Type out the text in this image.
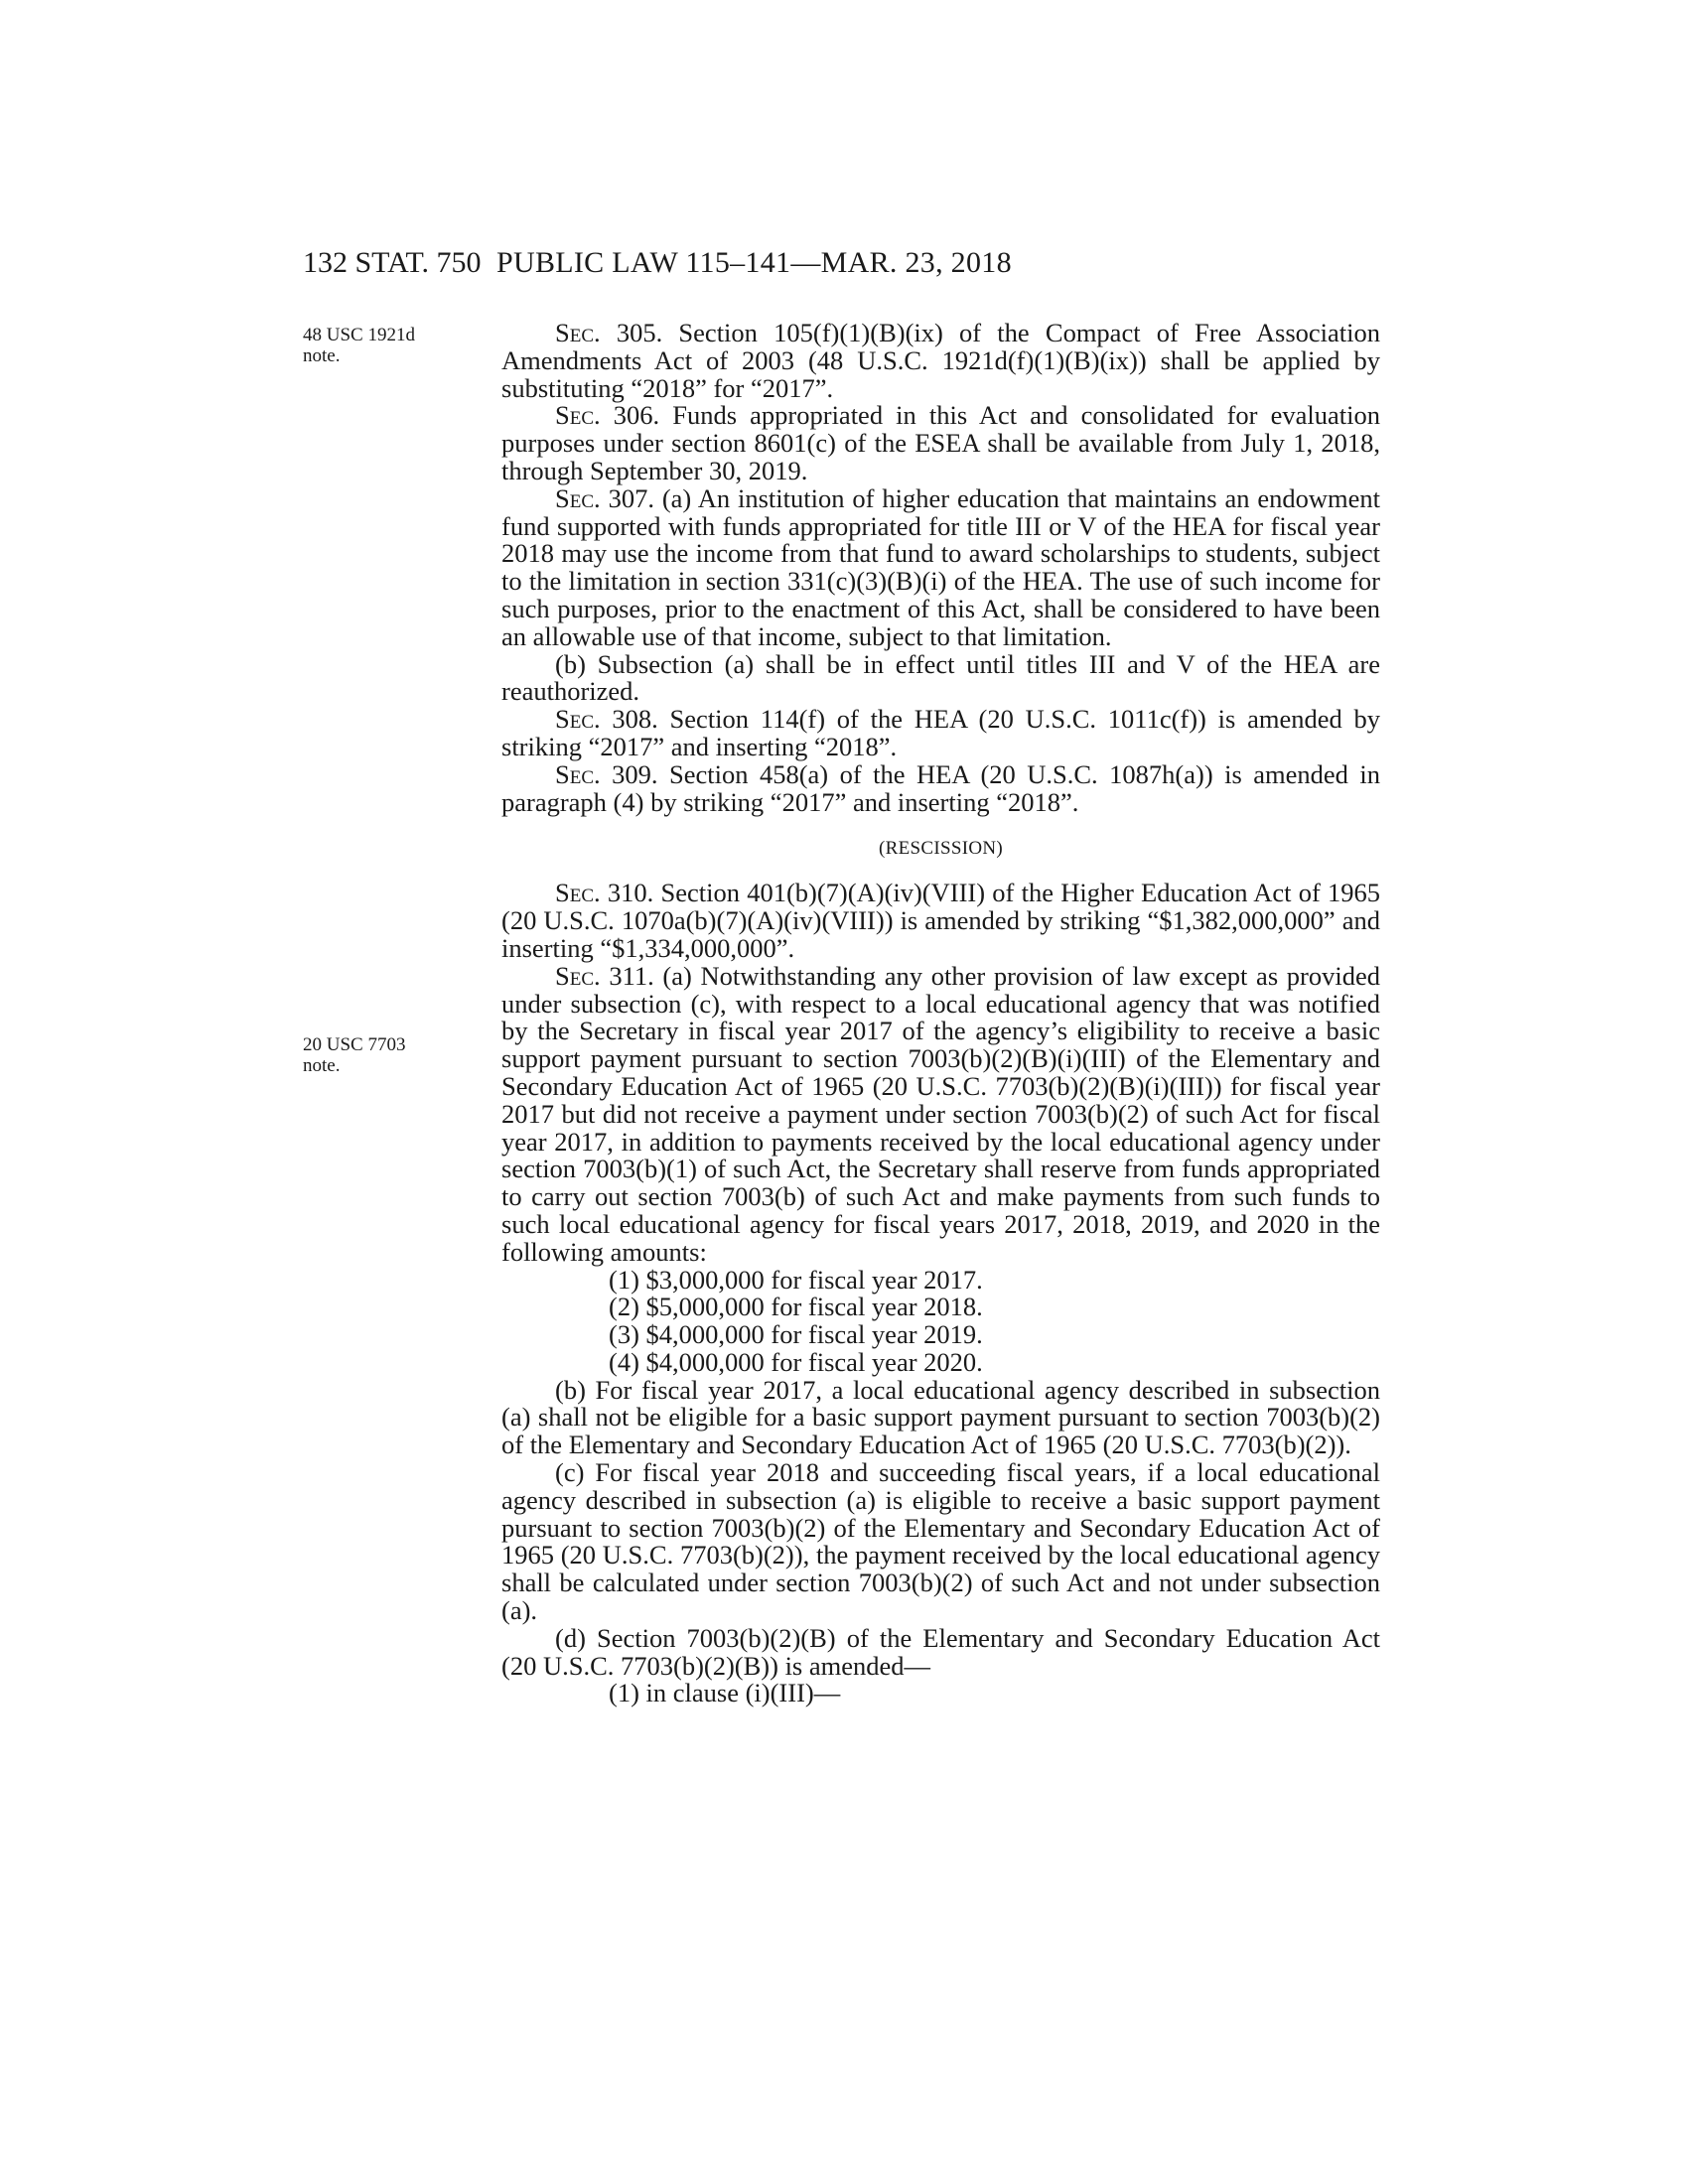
132 STAT. 750 PUBLIC LAW 115–141—MAR. 23, 2018
48 USC 1921d
note.
20 USC 7703
note.

Sec. 305. Section 105(f)(1)(B)(ix) of the Compact of Free Association Amendments Act of 2003 (48 U.S.C. 1921d(f)(1)(B)(ix)) shall be applied by substituting “2018” for “2017”.

Sec. 306. Funds appropriated in this Act and consolidated for evaluation purposes under section 8601(c) of the ESEA shall be available from July 1, 2018, through September 30, 2019.

Sec. 307. (a) An institution of higher education that maintains an endowment fund supported with funds appropriated for title III or V of the HEA for fiscal year 2018 may use the income from that fund to award scholarships to students, subject to the limitation in section 331(c)(3)(B)(i) of the HEA. The use of such income for such purposes, prior to the enactment of this Act, shall be considered to have been an allowable use of that income, subject to that limitation.

(b) Subsection (a) shall be in effect until titles III and V of the HEA are reauthorized.

Sec. 308. Section 114(f) of the HEA (20 U.S.C. 1011c(f)) is amended by striking “2017” and inserting “2018”.

Sec. 309. Section 458(a) of the HEA (20 U.S.C. 1087h(a)) is amended in paragraph (4) by striking “2017” and inserting “2018”.

(RESCISSION)

Sec. 310. Section 401(b)(7)(A)(iv)(VIII) of the Higher Education Act of 1965 (20 U.S.C. 1070a(b)(7)(A)(iv)(VIII)) is amended by striking “$1,382,000,000” and inserting “$1,334,000,000”.

Sec. 311. (a) Notwithstanding any other provision of law except as provided under subsection (c), with respect to a local educational agency that was notified by the Secretary in fiscal year 2017 of the agency’s eligibility to receive a basic support payment pursuant to section 7003(b)(2)(B)(i)(III) of the Elementary and Secondary Education Act of 1965 (20 U.S.C. 7703(b)(2)(B)(i)(III)) for fiscal year 2017 but did not receive a payment under section 7003(b)(2) of such Act for fiscal year 2017, in addition to payments received by the local educational agency under section 7003(b)(1) of such Act, the Secretary shall reserve from funds appropriated to carry out section 7003(b) of such Act and make payments from such funds to such local educational agency for fiscal years 2017, 2018, 2019, and 2020 in the following amounts:

(1) $3,000,000 for fiscal year 2017.

(2) $5,000,000 for fiscal year 2018.

(3) $4,000,000 for fiscal year 2019.

(4) $4,000,000 for fiscal year 2020.

(b) For fiscal year 2017, a local educational agency described in subsection (a) shall not be eligible for a basic support payment pursuant to section 7003(b)(2) of the Elementary and Secondary Education Act of 1965 (20 U.S.C. 7703(b)(2)).

(c) For fiscal year 2018 and succeeding fiscal years, if a local educational agency described in subsection (a) is eligible to receive a basic support payment pursuant to section 7003(b)(2) of the Elementary and Secondary Education Act of 1965 (20 U.S.C. 7703(b)(2)), the payment received by the local educational agency shall be calculated under section 7003(b)(2) of such Act and not under subsection (a).

(d) Section 7003(b)(2)(B) of the Elementary and Secondary Education Act (20 U.S.C. 7703(b)(2)(B)) is amended—

(1) in clause (i)(III)—
